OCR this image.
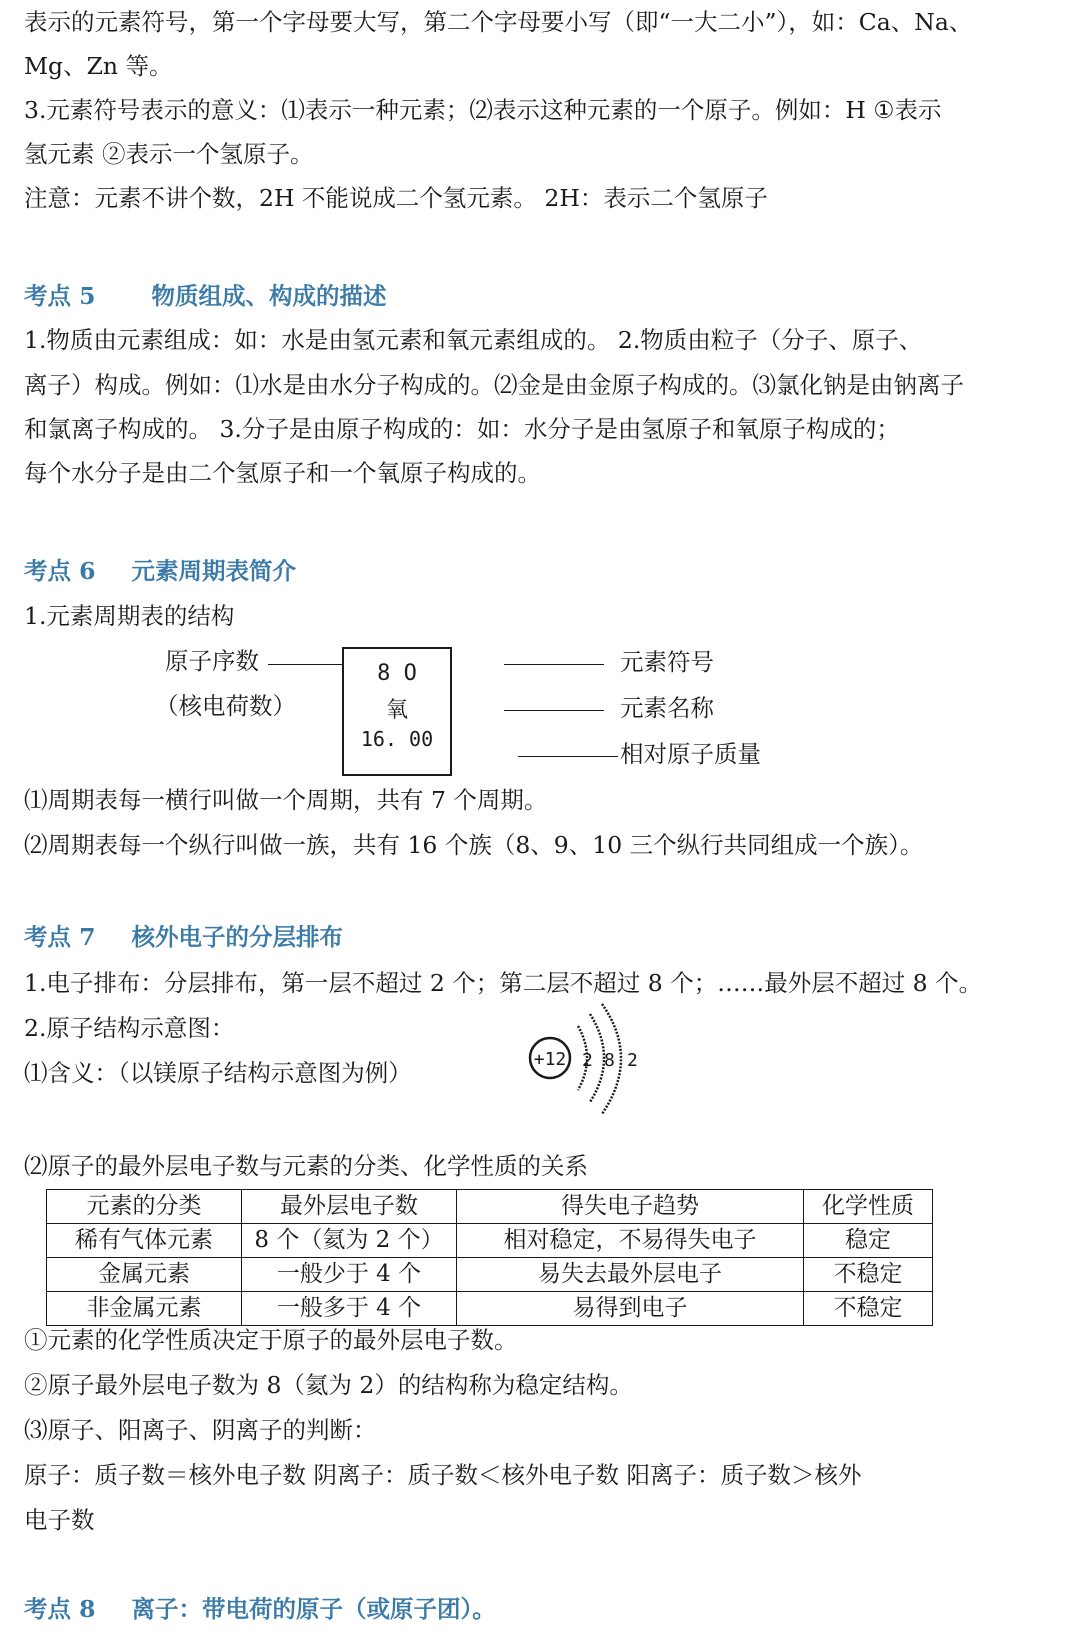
表示的元素符号，第一个字母要大写，第二个字母要小写（即“一大二小”），如：Ca、Na、
Mg、Zn 等。
3.元素符号表示的意义：⑴表示一种元素；⑵表示这种元素的一个原子。例如：H ①表示
氢元素 ②表示一个氢原子。
注意：元素不讲个数，2H 不能说成二个氢元素。 2H：表示二个氢原子
考点 5 物质组成、构成的描述
1.物质由元素组成：如：水是由氢元素和氧元素组成的。 2.物质由粒子（分子、原子、
离子）构成。例如：⑴水是由水分子构成的。⑵金是由金原子构成的。⑶氯化钠是由钠离子
和氯离子构成的。 3.分子是由原子构成的：如：水分子是由氢原子和氧原子构成的；
每个水分子是由二个氢原子和一个氧原子构成的。
考点 6 元素周期表简介
1.元素周期表的结构
原子序数
（核电荷数）
8 O
氧
16. 00
元素符号
元素名称
相对原子质量
⑴周期表每一横行叫做一个周期，共有 7 个周期。
⑵周期表每一个纵行叫做一族，共有 16 个族（8、9、10 三个纵行共同组成一个族）。
考点 7 核外电子的分层排布
1.电子排布：分层排布，第一层不超过 2 个；第二层不超过 8 个；……最外层不超过 8 个。
2.原子结构示意图：
⑴含义：（以镁原子结构示意图为例）	+12 2 8 2
⑵原子的最外层电子数与元素的分类、化学性质的关系
元素的分类	最外层电子数	得失电子趋势	化学性质
稀有气体元素	8 个（氦为 2 个）	相对稳定，不易得失电子	稳定
金属元素	一般少于 4 个	易失去最外层电子	不稳定
非金属元素	一般多于 4 个	易得到电子	不稳定
①元素的化学性质决定于原子的最外层电子数。
②原子最外层电子数为 8（氦为 2）的结构称为稳定结构。
⑶原子、阳离子、阴离子的判断：
原子：质子数＝核外电子数 阴离子：质子数＜核外电子数 阳离子：质子数＞核外
电子数
考点 8 离子：带电荷的原子（或原子团）。
